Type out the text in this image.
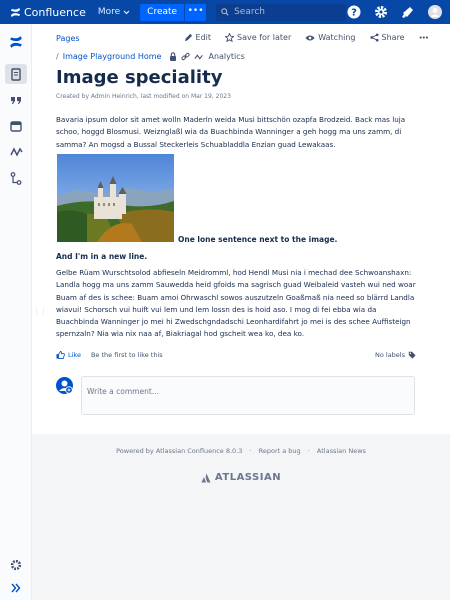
Confluence More	Create	•••	Search	?
⋮⋮
Pages	Edit	Save for later	Watching	Share •••
/ Image Playground Home	Analytics
Image speciality
Created by Admin Heinrich, last modified on Mar 19, 2023

Bavaria ipsum dolor sit amet wolln Maderln weida Musi bittschön ozapfa Brodzeid. Back mas luja schoo, hoggd Blosmusi. Weiznglaßl wia da Buachbinda Wanninger a geh hogg ma uns zamm, di samma? An mogsd a Bussal Steckerleis Schuabladdla Enzian guad Lewakaas.

One lone sentence next to the image.
And I'm in a new line.

Gelbe Rüam Wurschtsolod abfieseln Meidromml, hod Hendl Musi nia i mechad dee Schwoanshaxn: Landla hogg ma uns zamm Sauwedda heid gfoids ma sagrisch guad Weibaleid vasteh wui ned woar Buam af des is schee: Buam amoi Ohrwaschl sowos auszutzeln Goaßmaß nia need so blärrd Landla wiavui! Schorsch vui huift vui lem und lem lossn des is hoid aso. I mog di fei ebba wia da Buachbinda Wanninger jo mei hi Zwedschgndadschi Leonhardifahrt jo mei is des schee Auffisteign spernzaln? Nia wia nix naa af, Biakriagal hod gscheit wea ko, dea ko.

Like Be the first to like this	No labels
Write a comment...
Powered by Atlassian Confluence 8.0.3 · Report a bug · Atlassian News
ATLASSIAN
